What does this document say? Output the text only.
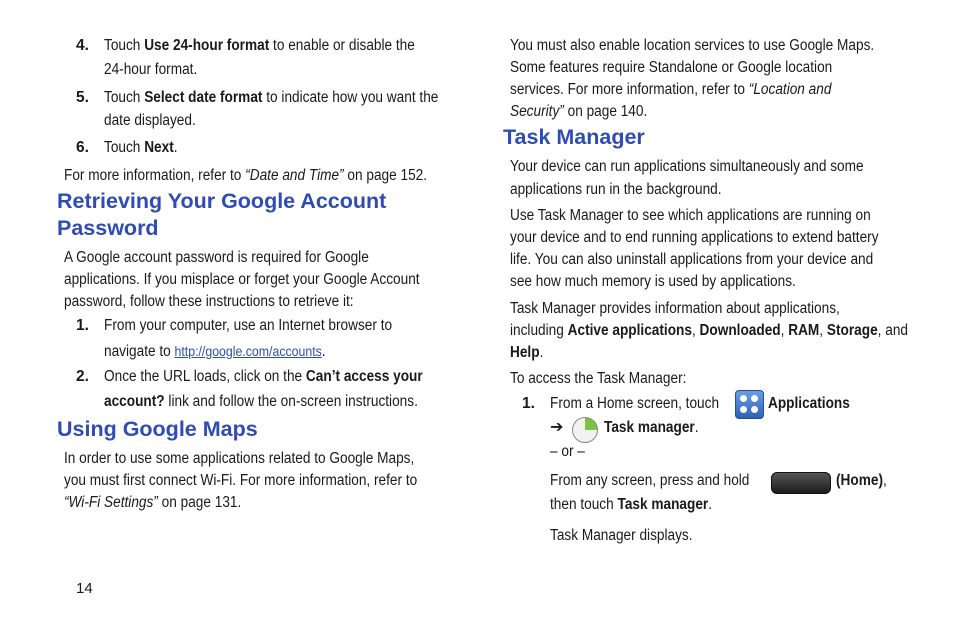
4. Touch Use 24-hour format to enable or disable the
24-hour format.
5. Touch Select date format to indicate how you want the
date displayed.
6. Touch Next.
For more information, refer to “Date and Time” on page 152.
Retrieving Your Google Account
Password
A Google account password is required for Google
applications. If you misplace or forget your Google Account
password, follow these instructions to retrieve it:
1. From your computer, use an Internet browser to
navigate to http://google.com/accounts.
2. Once the URL loads, click on the Can’t access your
account? link and follow the on-screen instructions.
Using Google Maps
In order to use some applications related to Google Maps,
you must first connect Wi-Fi. For more information, refer to
“Wi-Fi Settings” on page 131.
14
You must also enable location services to use Google Maps.
Some features require Standalone or Google location
services. For more information, refer to “Location and
Security” on page 140.
Task Manager
Your device can run applications simultaneously and some
applications run in the background.
Use Task Manager to see which applications are running on
your device and to end running applications to extend battery
life. You can also uninstall applications from your device and
see how much memory is used by applications.
Task Manager provides information about applications,
including Active applications, Downloaded, RAM, Storage, and
Help.
To access the Task Manager:
1. From a Home screen, touch	Applications
➔	Task manager.
– or –
From any screen, press and hold	(Home),
then touch Task manager.
Task Manager displays.
